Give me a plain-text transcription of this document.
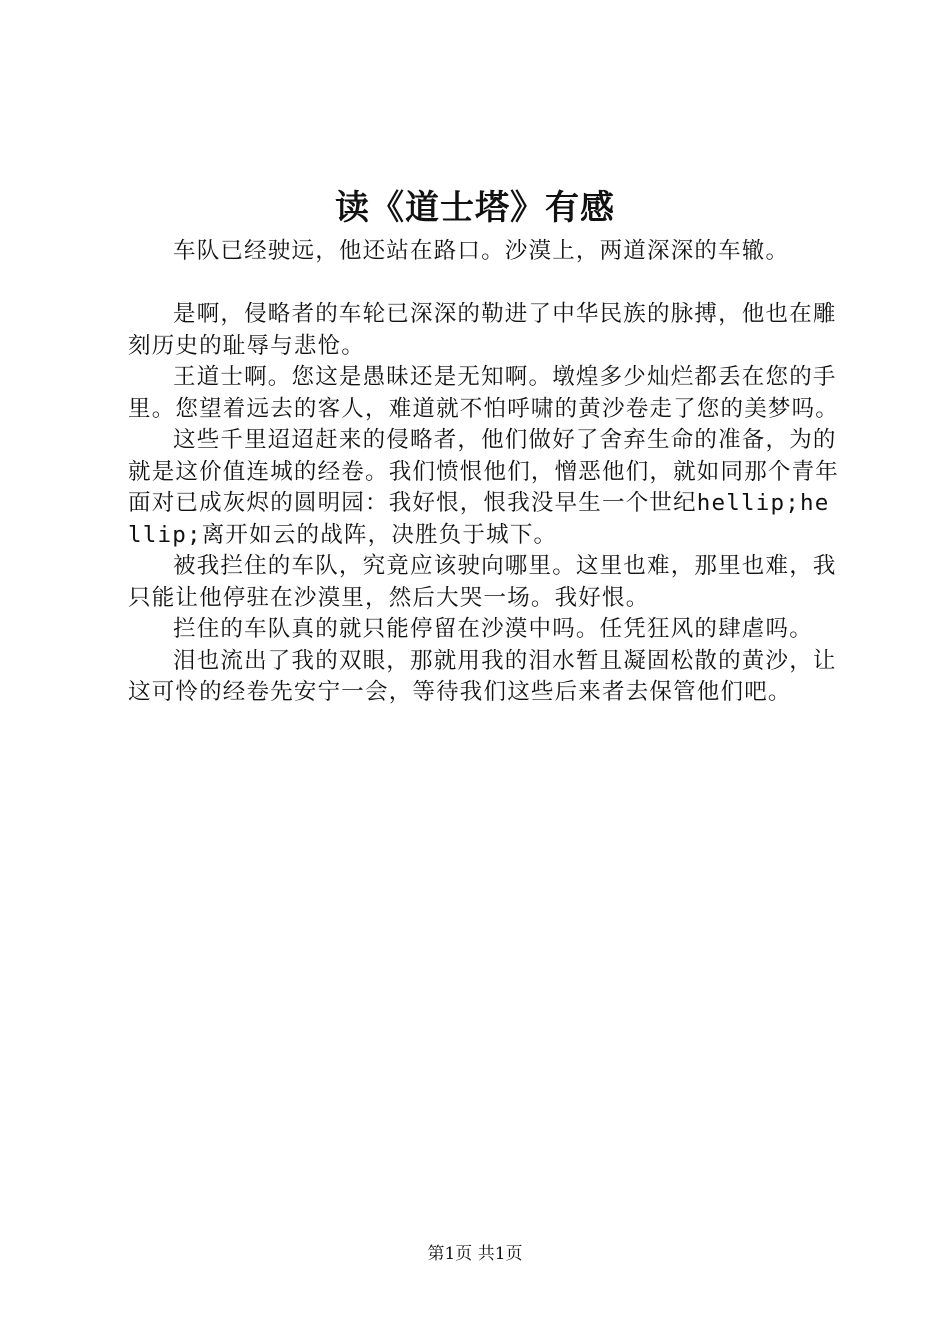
读《道士塔》有感

车队已经驶远，他还站在路口。沙漠上，两道深深的车辙。

是啊，侵略者的车轮已深深的勒进了中华民族的脉搏，他也在雕刻历史的耻辱与悲怆。

王道士啊。您这是愚昧还是无知啊。墩煌多少灿烂都丢在您的手里。您望着远去的客人，难道就不怕呼啸的黄沙卷走了您的美梦吗。

这些千里迢迢赶来的侵略者，他们做好了舍弃生命的准备，为的就是这价值连城的经卷。我们愤恨他们，憎恶他们，就如同那个青年面对已成灰烬的圆明园：我好恨，恨我没早生一个世纪hellip;hellip;离开如云的战阵，决胜负于城下。

被我拦住的车队，究竟应该驶向哪里。这里也难，那里也难，我只能让他停驻在沙漠里，然后大哭一场。我好恨。

拦住的车队真的就只能停留在沙漠中吗。任凭狂风的肆虐吗。

泪也流出了我的双眼，那就用我的泪水暂且凝固松散的黄沙，让这可怜的经卷先安宁一会，等待我们这些后来者去保管他们吧。

第1页 共1页
